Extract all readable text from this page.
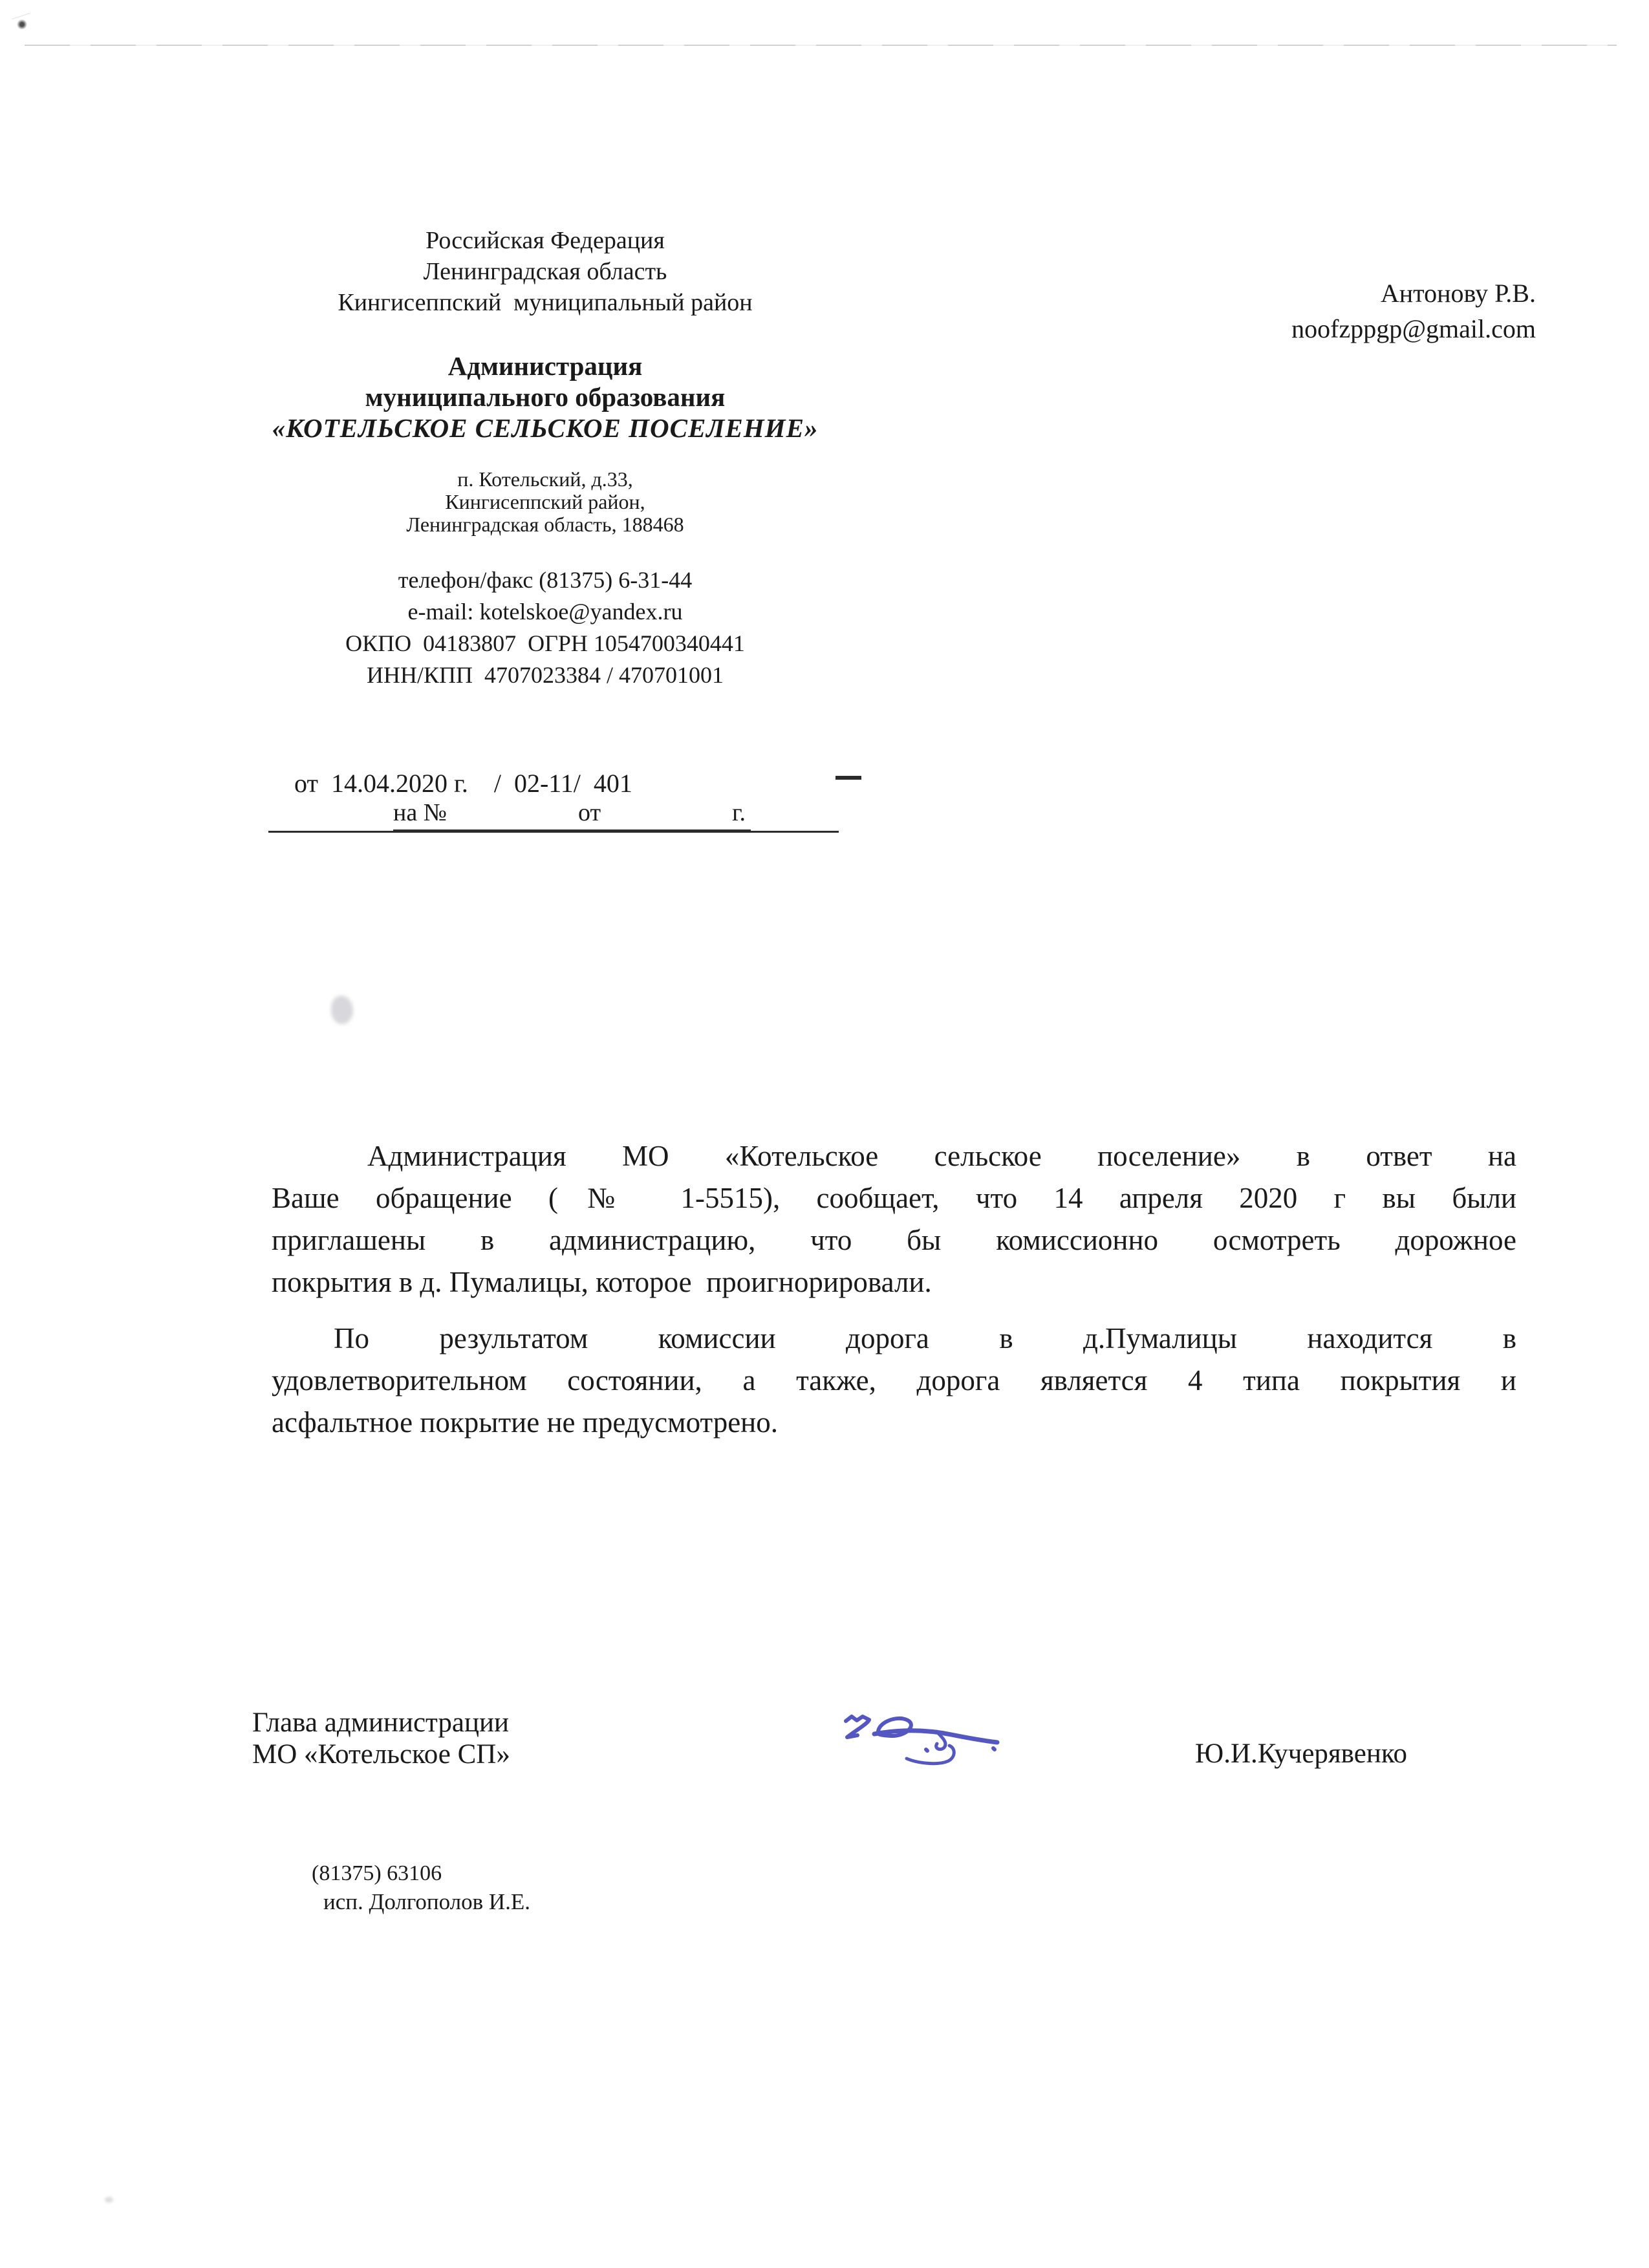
Российская Федерация
Ленинградская область
Кингисеппский  муниципальный район
Администрация
муниципального образования
«КОТЕЛЬСКОЕ СЕЛЬСКОЕ ПОСЕЛЕНИЕ»
п. Котельский, д.33,
Кингисеппский район,
Ленинградская область, 188468
телефон/факс (81375) 6-31-44
e-mail: kotelskoe@yandex.ru
ОКПО  04183807  ОГРН 1054700340441
ИНН/КПП  4707023384 / 470701001
Антонову Р.В.
noofzppgp@gmail.com

от  14.04.2020 г.    /  02-11/  401

на №	от	г.
Администрация МО «Котельское сельское поселение» в ответ на
Ваше обращение (№ 1-5515), сообщает, что 14 апреля 2020 г вы были
приглашены в администрацию, что бы комиссионно осмотреть дорожное
покрытия в д. Пумалицы, которое  проигнорировали.
По результатом комиссии дорога в д.Пумалицы находится в
удовлетворительном состоянии, а также, дорога является 4 типа покрытия и
асфальтное покрытие не предусмотрено.
Глава администрации
МО «Котельское СП»	Ю.И.Кучерявенко
(81375) 63106
исп. Долгополов И.Е.
